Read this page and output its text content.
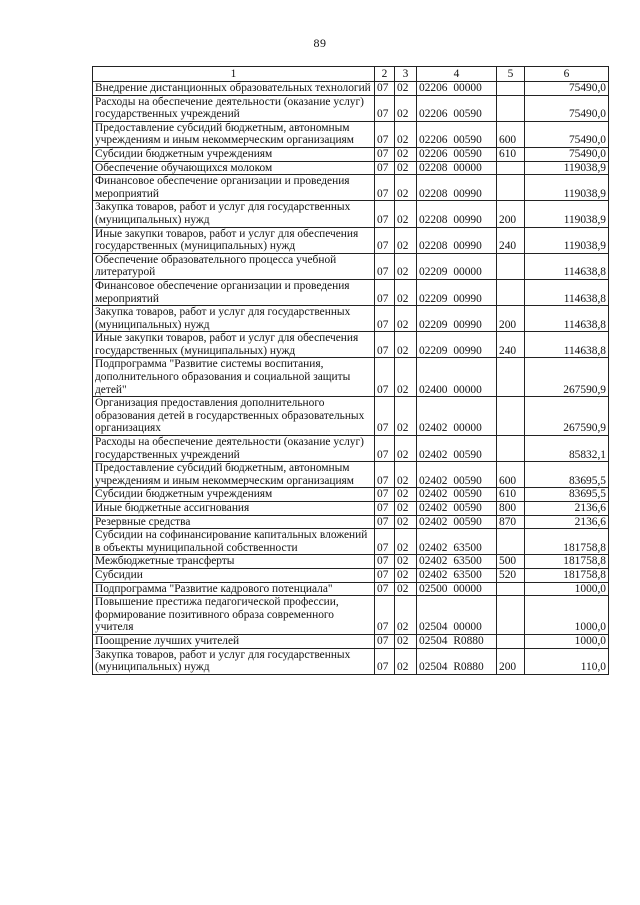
89
1	2	3	4	5	6
Внедрение дистанционных образовательных технологий	07	02	02206 00000		75490,0
Расходы на обеспечение деятельности (оказание услуг) государственных учреждений	07	02	02206 00590		75490,0
Предоставление субсидий бюджетным, автономным учреждениям и иным некоммерческим организациям	07	02	02206 00590	600	75490,0
Субсидии бюджетным учреждениям	07	02	02206 00590	610	75490,0
Обеспечение обучающихся молоком	07	02	02208 00000		119038,9
Финансовое обеспечение организации и проведения мероприятий	07	02	02208 00990		119038,9
Закупка товаров, работ и услуг для государственных (муниципальных) нужд	07	02	02208 00990	200	119038,9
Иные закупки товаров, работ и услуг для обеспечения государственных (муниципальных) нужд	07	02	02208 00990	240	119038,9
Обеспечение образовательного процесса учебной литературой	07	02	02209 00000		114638,8
Финансовое обеспечение организации и проведения мероприятий	07	02	02209 00990		114638,8
Закупка товаров, работ и услуг для государственных (муниципальных) нужд	07	02	02209 00990	200	114638,8
Иные закупки товаров, работ и услуг для обеспечения государственных (муниципальных) нужд	07	02	02209 00990	240	114638,8
Подпрограмма "Развитие системы воспитания, дополнительного образования и социальной защиты детей"	07	02	02400 00000		267590,9
Организация предоставления дополнительного образования детей в государственных образовательных организациях	07	02	02402 00000		267590,9
Расходы на обеспечение деятельности (оказание услуг) государственных учреждений	07	02	02402 00590		85832,1
Предоставление субсидий бюджетным, автономным учреждениям и иным некоммерческим организациям	07	02	02402 00590	600	83695,5
Субсидии бюджетным учреждениям	07	02	02402 00590	610	83695,5
Иные бюджетные ассигнования	07	02	02402 00590	800	2136,6
Резервные средства	07	02	02402 00590	870	2136,6
Субсидии на софинансирование капитальных вложений в объекты муниципальной собственности	07	02	02402 63500		181758,8
Межбюджетные трансферты	07	02	02402 63500	500	181758,8
Субсидии	07	02	02402 63500	520	181758,8
Подпрограмма "Развитие кадрового потенциала"	07	02	02500 00000		1000,0
Повышение престижа педагогической профессии, формирование позитивного образа современного учителя	07	02	02504 00000		1000,0
Поощрение лучших учителей	07	02	02504 R0880		1000,0
Закупка товаров, работ и услуг для государственных (муниципальных) нужд	07	02	02504 R0880	200	110,0
